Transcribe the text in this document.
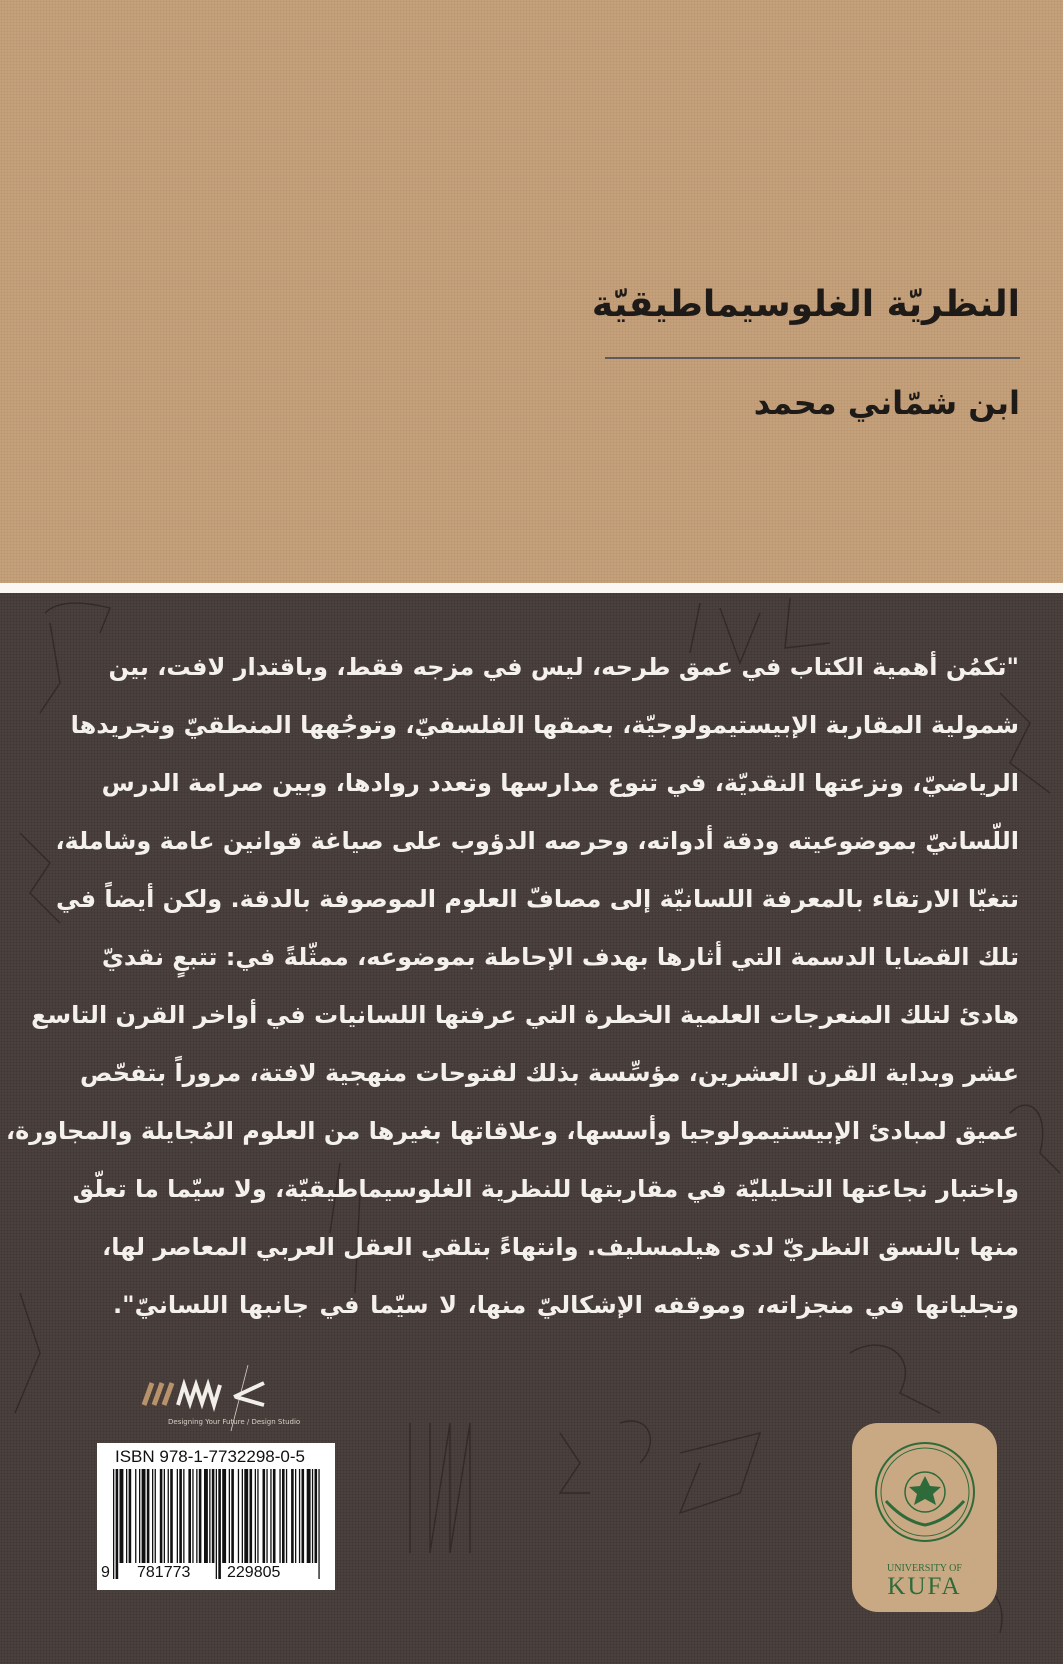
النظريّة الغلوسيماطيقيّة
ابن شمّاني محمد
"تكمُن أهمية الكتاب في عمق طرحه، ليس في مزجه فقط، وباقتدار لافت، بين
شمولية المقاربة الإبيستيمولوجيّة، بعمقها الفلسفيّ، وتوجُهها المنطقيّ وتجريدها
الرياضيّ، ونزعتها النقديّة، في تنوع مدارسها وتعدد روادها، وبين صرامة الدرس
اللّسانيّ بموضوعيته ودقة أدواته، وحرصه الدؤوب على صياغة قوانين عامة وشاملة،
تتغيّا الارتقاء بالمعرفة اللسانيّة إلى مصافّ العلوم الموصوفة بالدقة. ولكن أيضاً في
تلك القضايا الدسمة التي أثارها بهدف الإحاطة بموضوعه، ممثّلةً في: تتبعٍ نقديّ
هادئ لتلك المنعرجات العلمية الخطرة التي عرفتها اللسانيات في أواخر القرن التاسع
عشر وبداية القرن العشرين، مؤسِّسة بذلك لفتوحات منهجية لافتة، مروراً بتفحّص
عميق لمبادئ الإبيستيمولوجيا وأسسها، وعلاقاتها بغيرها من العلوم المُجايلة والمجاورة،
واختبار نجاعتها التحليليّة في مقاربتها للنظرية الغلوسيماطيقيّة، ولا سيّما ما تعلّق
منها بالنسق النظريّ لدى هيلمسليف. وانتهاءً بتلقي العقل العربي المعاصر لها،
وتجلياتها في منجزاته، وموقفه الإشكاليّ منها، لا سيّما في جانبها اللسانيّ".
Designing Your Future / Design Studio
ISBN 978-1-7732298-0-5
9 781773 229805	UNIVERSITY OF
KUFA
